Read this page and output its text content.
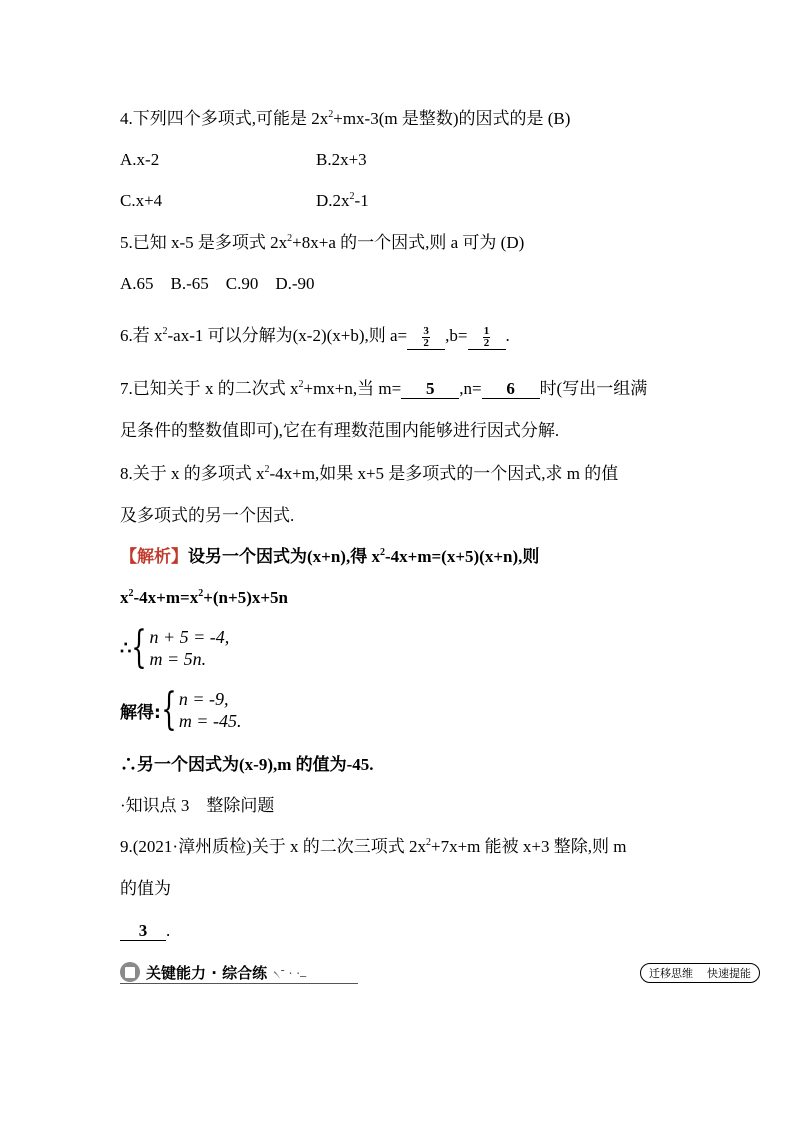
4.下列四个多项式,可能是 $2x^2+mx-3(m$ 是整数)的因式的是 (B)
A.x-2	B.2x+3
C.x+4	$D.2x^2-1$
5.已知 x-5 是多项式 $2x^2+8x+a$ 的一个因式,则 a 可为 (D)
A.65    B.-65    C.90    D.-90
6.若 $x^2-ax-1$ 可以分解为(x-2)(x+b),则 $a= \frac{3}{2} ,b= \frac{1}{2}$ .
7.已知关于 x 的二次式 $x^2+mx+n$,当 m= 5 ,n= 6 时(写出一组满
足条件的整数值即可),它在有理数范围内能够进行因式分解.
8.关于 x 的多项式 $x^2-4x+m$,如果 x+5 是多项式的一个因式,求 m 的值
及多项式的另一个因式.
【解析】设另一个因式为(x+n),得 $x^2-4x+m=(x+5)(x+n)$,则
$x^2-4x+m=x^2+(n+5)x+5n$
∴ { n + 5 = -4,
m = 5n.
解得: { n = -9,
m = -45.
∴另一个因式为(x-9),m 的值为-45.
·知识点 3    整除问题
9.(2021·漳州质检)关于 x 的二次三项式 $2x^2+7x+m$ 能被 x+3 整除,则 m
的值为
3 .
关键能力 · 综合练 ৲- . ._	迁移思维    快速提能
